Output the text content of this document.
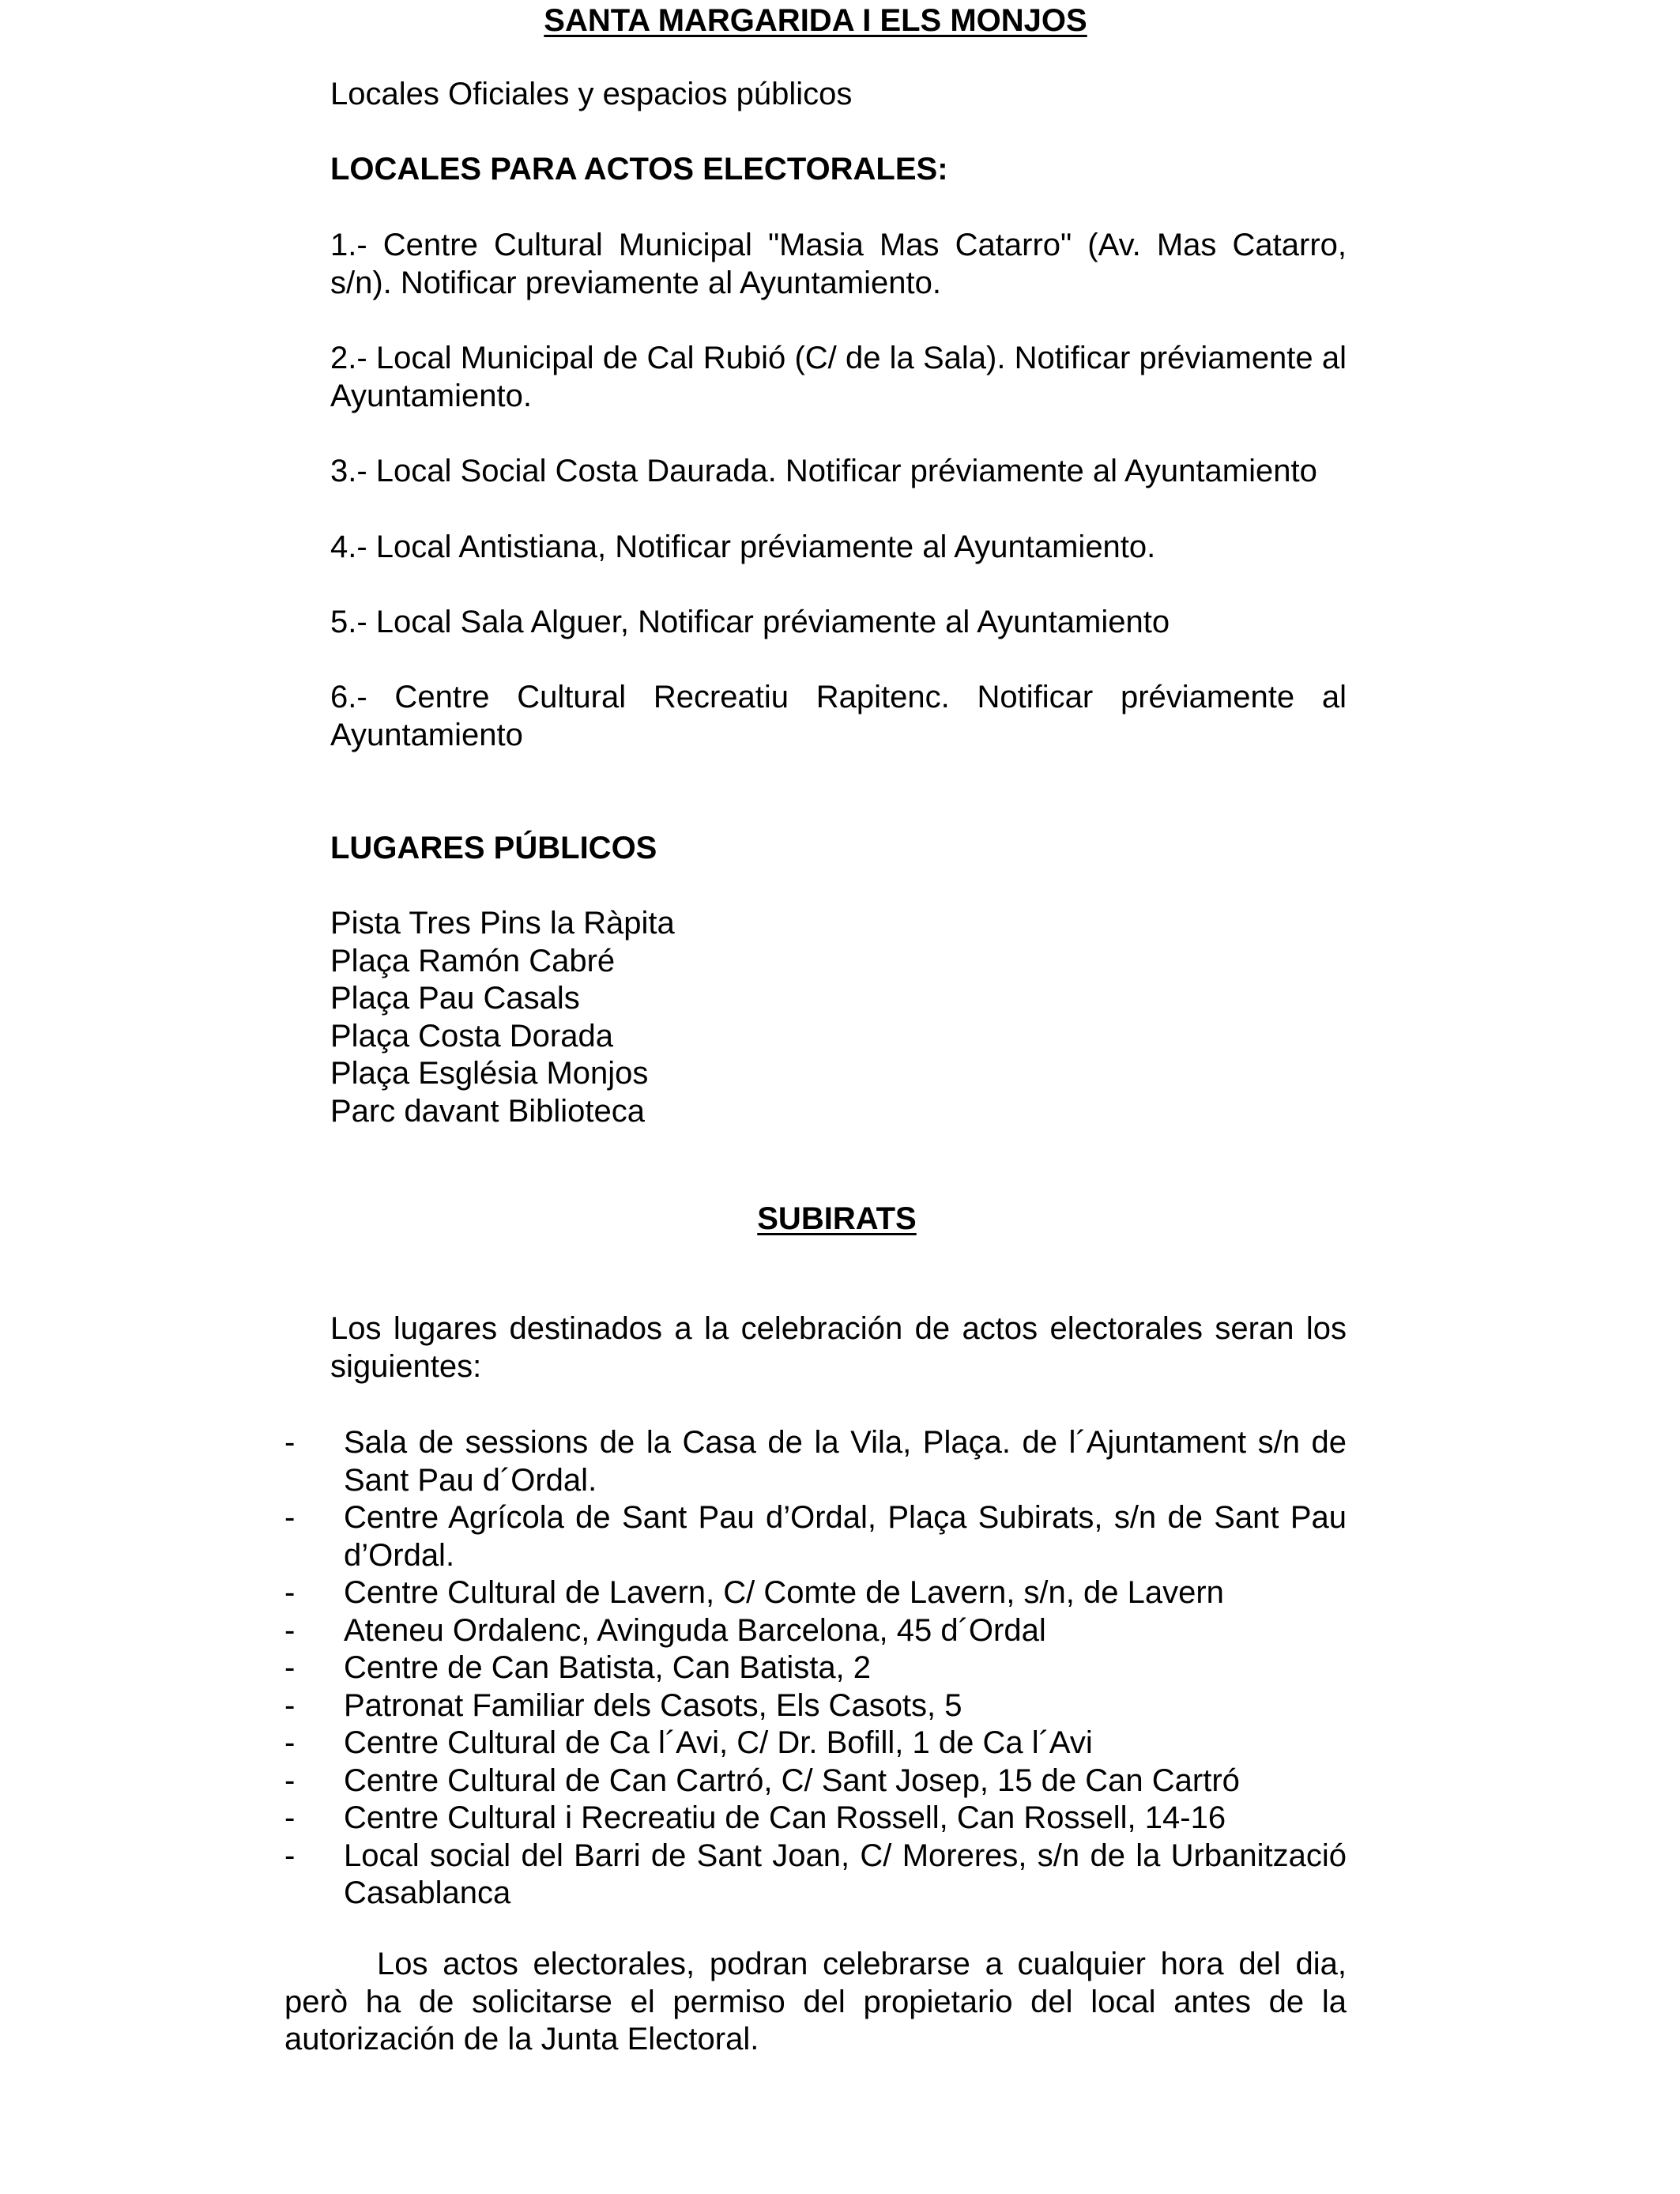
SANTA MARGARIDA I ELS MONJOS

Locales Oficiales y espacios públicos

LOCALES PARA ACTOS ELECTORALES:

1.- Centre Cultural Municipal "Masia Mas Catarro" (Av. Mas Catarro, s/n). Notificar previamente al Ayuntamiento.

2.- Local Municipal de Cal Rubió (C/ de la Sala). Notificar préviamente al Ayuntamiento.

3.- Local Social Costa Daurada. Notificar préviamente al Ayuntamiento

4.- Local Antistiana, Notificar préviamente al Ayuntamiento.

5.- Local Sala Alguer, Notificar préviamente al Ayuntamiento

6.- Centre Cultural Recreatiu Rapitenc. Notificar préviamente al Ayuntamiento

LUGARES PÚBLICOS

Pista Tres Pins la Ràpita
Plaça Ramón Cabré
Plaça Pau Casals
Plaça Costa Dorada
Plaça Església Monjos
Parc davant Biblioteca
SUBIRATS

Los lugares destinados a la celebración de actos electorales seran los siguientes:

- Sala de sessions de la Casa de la Vila, Plaça. de l´Ajuntament s/n de Sant Pau d´Ordal.
- Centre Agrícola de Sant Pau d’Ordal, Plaça Subirats, s/n de Sant Pau d’Ordal.
- Centre Cultural de Lavern, C/ Comte de Lavern, s/n, de Lavern
- Ateneu Ordalenc, Avinguda Barcelona, 45 d´Ordal
- Centre de Can Batista, Can Batista, 2
- Patronat Familiar dels Casots, Els Casots, 5
- Centre Cultural de Ca l´Avi, C/ Dr. Bofill, 1 de Ca l´Avi
- Centre Cultural de Can Cartró, C/ Sant Josep, 15 de Can Cartró
- Centre Cultural i Recreatiu de Can Rossell, Can Rossell, 14-16
- Local social del Barri de Sant Joan, C/ Moreres, s/n de la Urbanització Casablanca

Los actos electorales, podran celebrarse a cualquier hora del dia, però ha de solicitarse el permiso del propietario del local antes de la autorización de la Junta Electoral.
